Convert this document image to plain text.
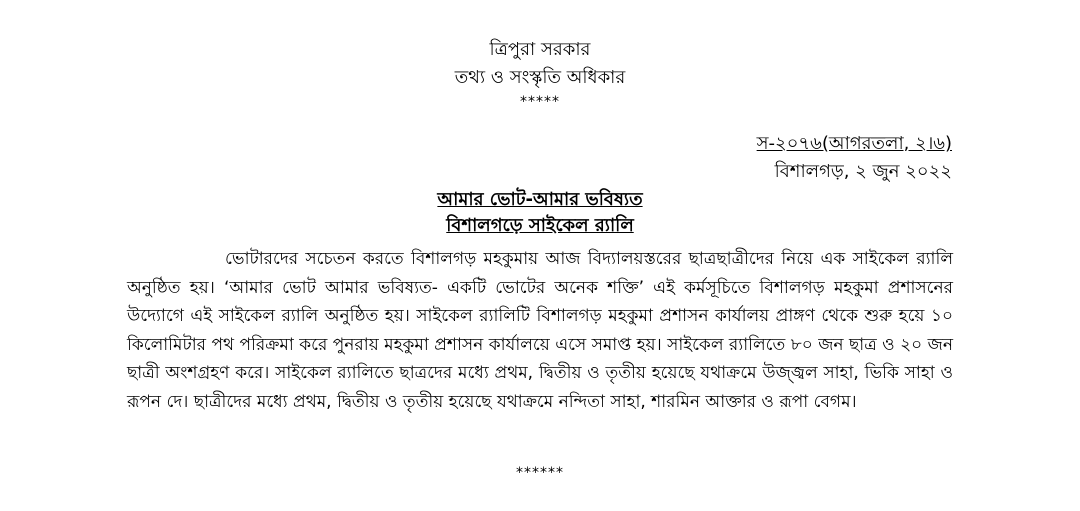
ত্রিপুরা সরকার
তথ্য ও সংস্কৃতি অধিকার
*****
স-২০৭৬(আগরতলা, ২।৬)
বিশালগড়, ২ জুন ২০২২
আমার ভোট-আমার ভবিষ্যত
বিশালগড়ে সাইকেল র‍্যালি

ভোটারদের সচেতন করতে বিশালগড় মহকুমায় আজ বিদ্যালয়স্তরের ছাত্রছাত্রীদের নিয়ে এক সাইকেল র‍্যালি অনুষ্ঠিত হয়। ‘আমার ভোট আমার ভবিষ্যত- একটি ভোটের অনেক শক্তি’ এই কর্মসূচিতে বিশালগড় মহকুমা প্রশাসনের উদ্যোগে এই সাইকেল র‍্যালি অনুষ্ঠিত হয়। সাইকেল র‍্যালিটি বিশালগড় মহকুমা প্রশাসন কার্যালয় প্রাঙ্গণ থেকে শুরু হয়ে ১০ কিলোমিটার পথ পরিক্রমা করে পুনরায় মহকুমা প্রশাসন কার্যালয়ে এসে সমাপ্ত হয়। সাইকেল র‍্যালিতে ৮০ জন ছাত্র ও ২০ জন ছাত্রী অংশগ্রহণ করে। সাইকেল র‍্যালিতে ছাত্রদের মধ্যে প্রথম, দ্বিতীয় ও তৃতীয় হয়েছে যথাক্রমে উজ্জ্বল সাহা, ভিকি সাহা ও রূপন দে। ছাত্রীদের মধ্যে প্রথম, দ্বিতীয় ও তৃতীয় হয়েছে যথাক্রমে নন্দিতা সাহা, শারমিন আক্তার ও রূপা বেগম।

******
